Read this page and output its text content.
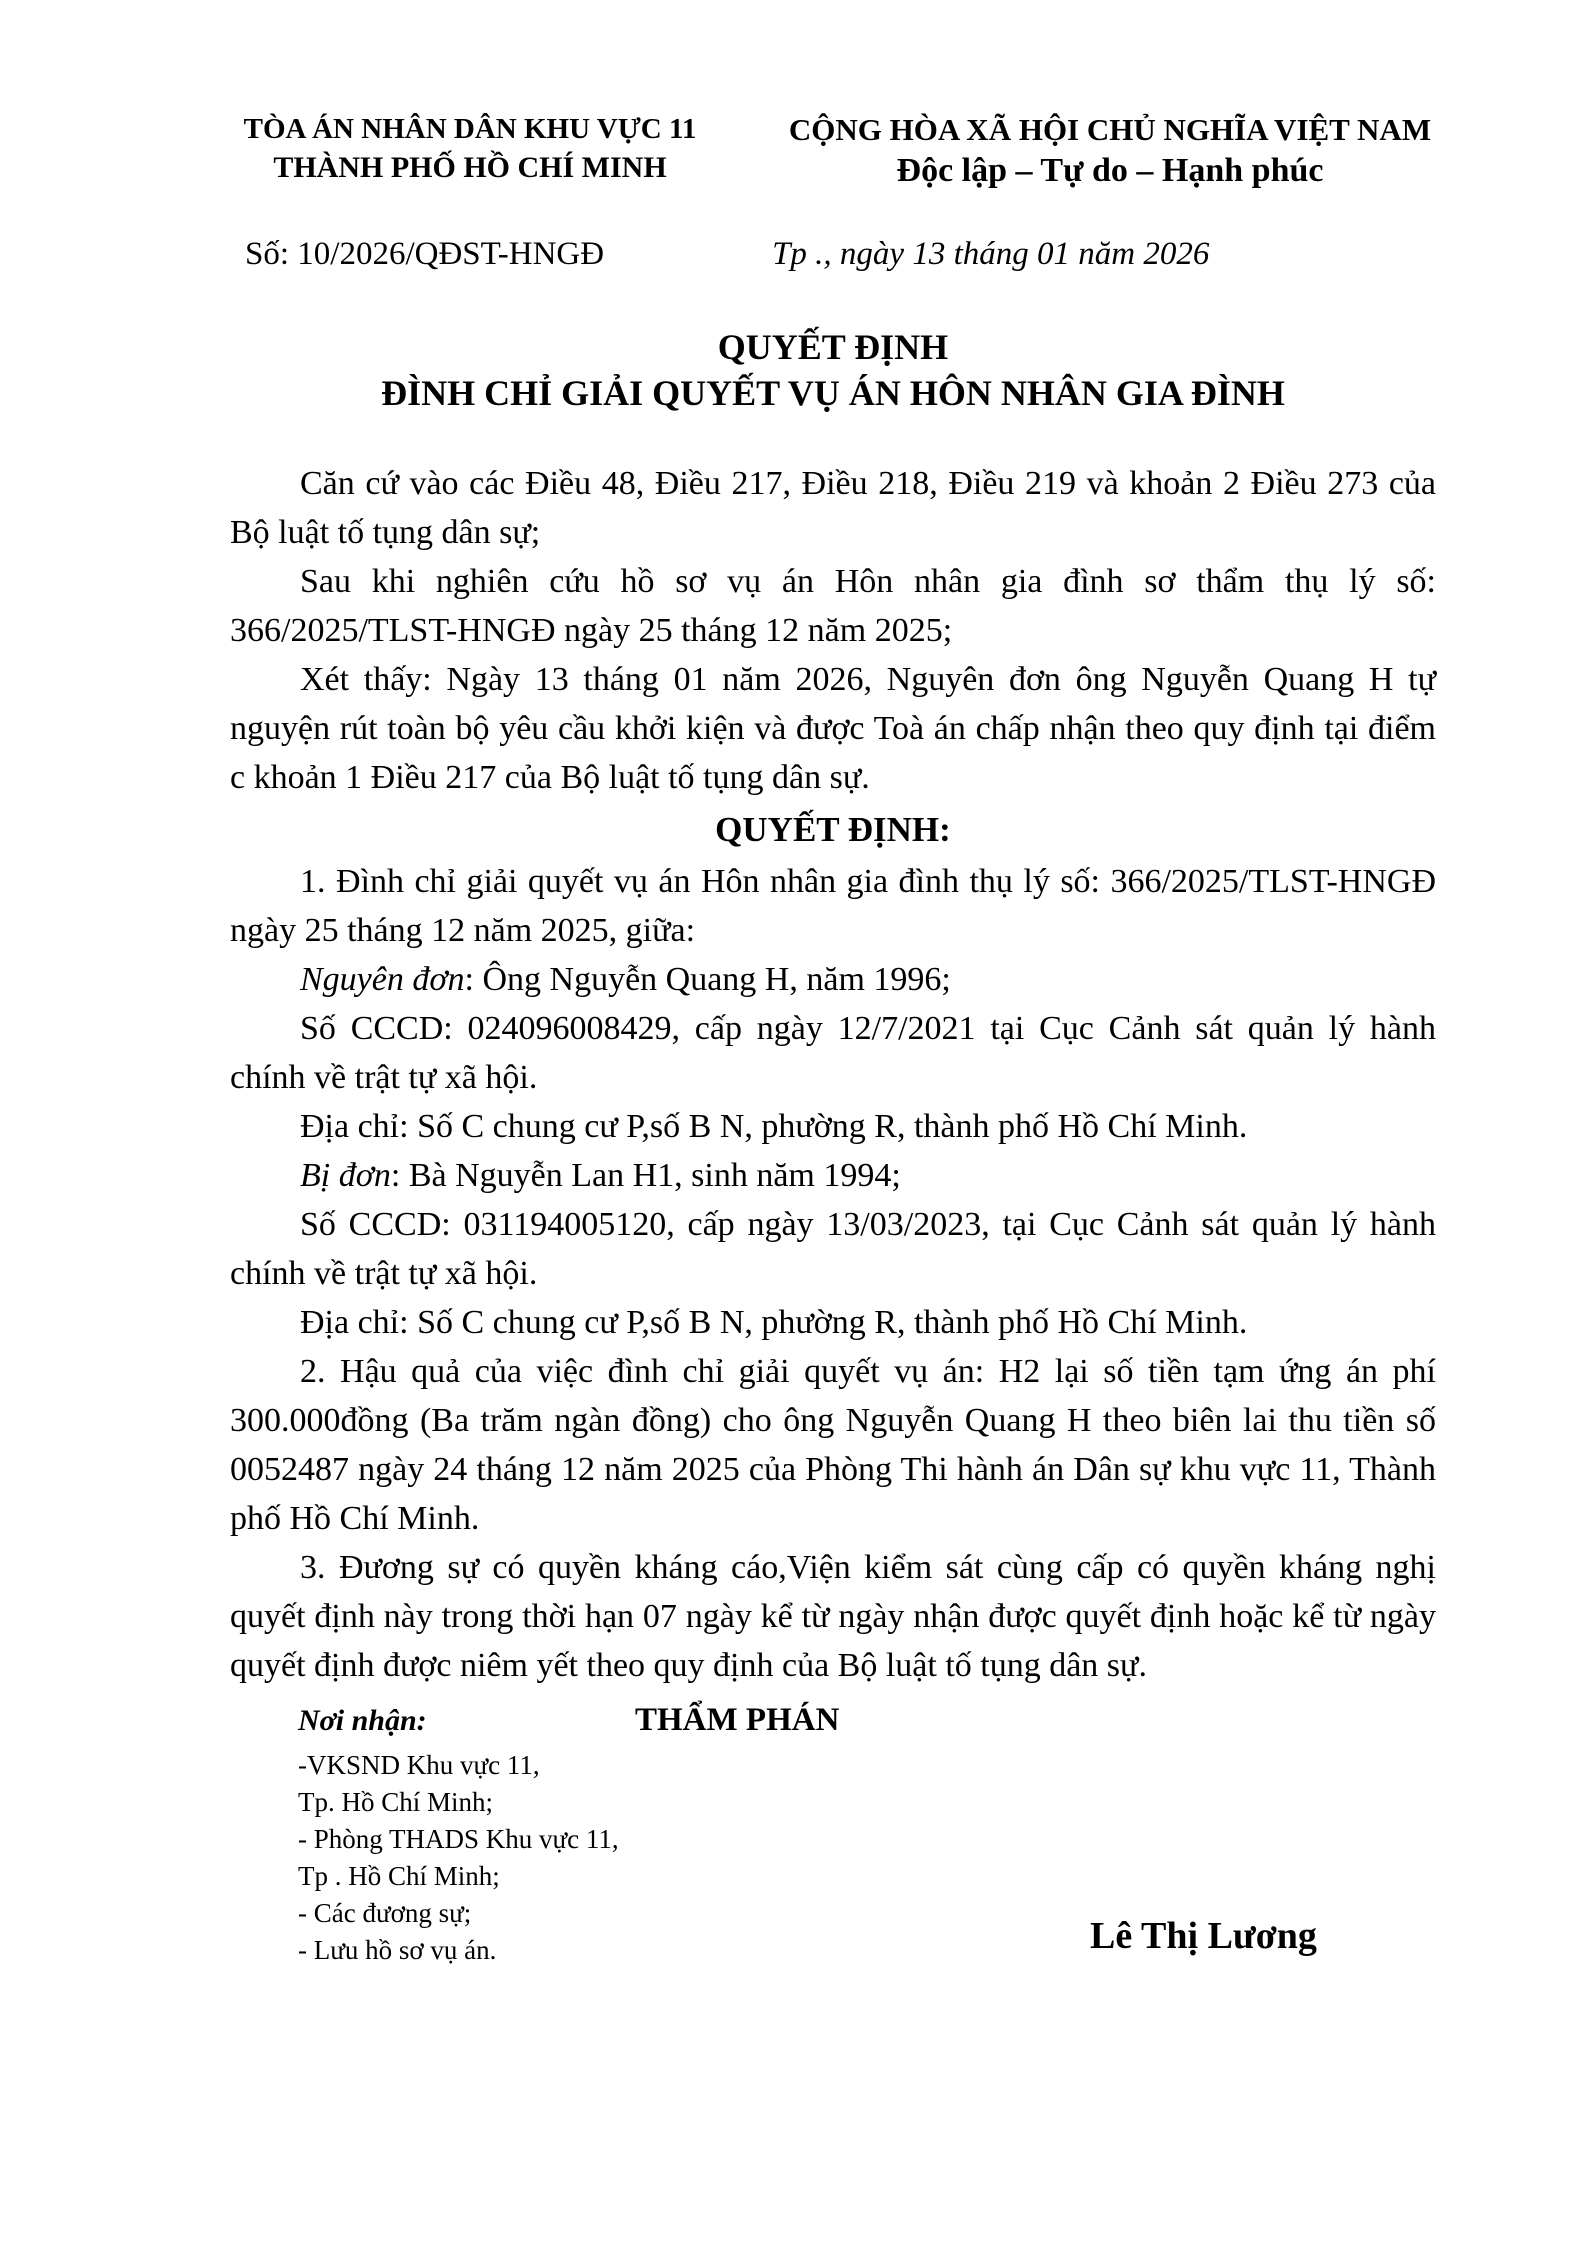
TÒA ÁN NHÂN DÂN KHU VỰC 11
THÀNH PHỐ HỒ CHÍ MINH
CỘNG HÒA XÃ HỘI CHỦ NGHĨA VIỆT NAM
Độc lập – Tự do – Hạnh phúc
Số: 10/2026/QĐST-HNGĐ	Tp ., ngày 13 tháng 01 năm 2026
QUYẾT ĐỊNH
ĐÌNH CHỈ GIẢI QUYẾT VỤ ÁN HÔN NHÂN GIA ĐÌNH

Căn cứ vào các Điều 48, Điều 217, Điều 218, Điều 219 và khoản 2 Điều 273 của Bộ luật tố tụng dân sự;

Sau khi nghiên cứu hồ sơ vụ án Hôn nhân gia đình sơ thẩm thụ lý số: 366/2025/TLST-HNGĐ ngày 25 tháng 12 năm 2025;

Xét thấy: Ngày 13 tháng 01 năm 2026, Nguyên đơn ông Nguyễn Quang H tự nguyện rút toàn bộ yêu cầu khởi kiện và được Toà án chấp nhận theo quy định tại điểm c khoản 1 Điều 217 của Bộ luật tố tụng dân sự.

QUYẾT ĐỊNH:

1. Đình chỉ giải quyết vụ án Hôn nhân gia đình thụ lý số: 366/2025/TLST-HNGĐ ngày 25 tháng 12 năm 2025, giữa:

Nguyên đơn: Ông Nguyễn Quang H, năm 1996;

Số CCCD: 024096008429, cấp ngày 12/7/2021 tại Cục Cảnh sát quản lý hành chính về trật tự xã hội.

Địa chỉ: Số C chung cư P,số B N, phường R, thành phố Hồ Chí Minh.

Bị đơn: Bà Nguyễn Lan H1, sinh năm 1994;

Số CCCD: 031194005120, cấp ngày 13/03/2023, tại Cục Cảnh sát quản lý hành chính về trật tự xã hội.

Địa chỉ: Số C chung cư P,số B N, phường R, thành phố Hồ Chí Minh.

2. Hậu quả của việc đình chỉ giải quyết vụ án: H2 lại số tiền tạm ứng án phí 300.000đồng (Ba trăm ngàn đồng) cho ông Nguyễn Quang H theo biên lai thu tiền số 0052487 ngày 24 tháng 12 năm 2025 của Phòng Thi hành án Dân sự khu vực 11, Thành phố Hồ Chí Minh.

3. Đương sự có quyền kháng cáo,Viện kiểm sát cùng cấp có quyền kháng nghị quyết định này trong thời hạn 07 ngày kể từ ngày nhận được quyết định hoặc kể từ ngày quyết định được niêm yết theo quy định của Bộ luật tố tụng dân sự.

Nơi nhận:	THẨM PHÁN
-VKSND Khu vực 11,
Tp. Hồ Chí Minh;
- Phòng THADS Khu vực 11,
Tp . Hồ Chí Minh;
- Các đương sự;
- Lưu hồ sơ vụ án.	Lê Thị Lương
